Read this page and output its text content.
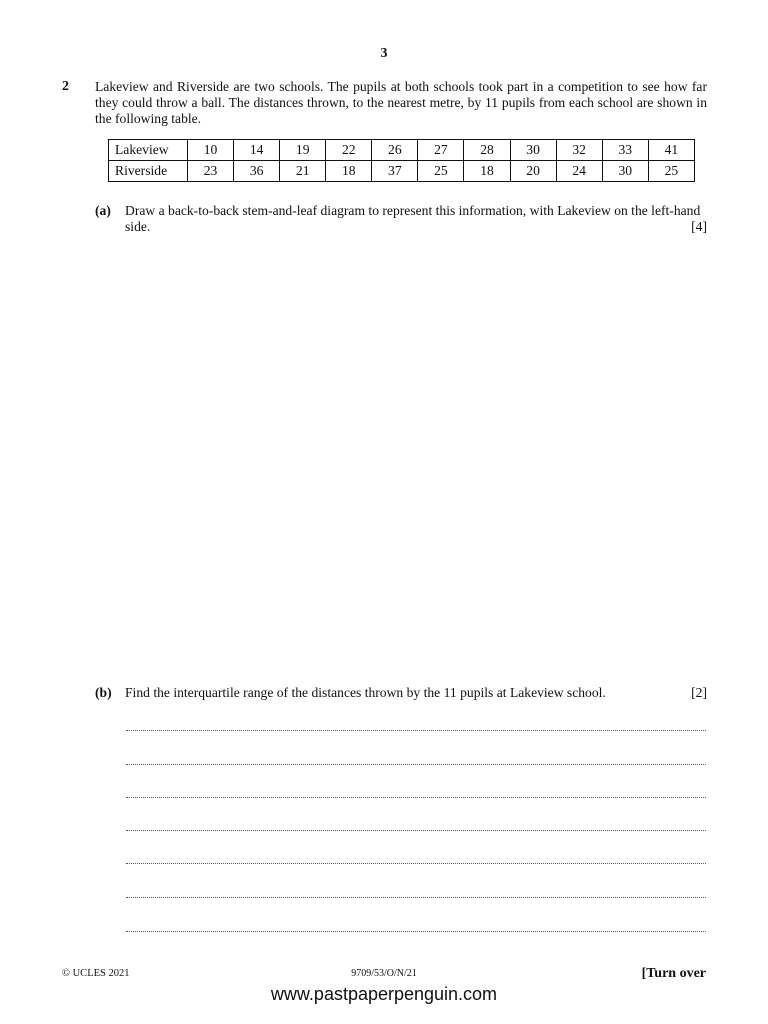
3
2 Lakeview and Riverside are two schools. The pupils at both schools took part in a competition to see how far they could throw a ball. The distances thrown, to the nearest metre, by 11 pupils from each school are shown in the following table.
Lakeview	10	14	19	22	26	27	28	30	32	33	41
Riverside	23	36	21	18	37	25	18	20	24	30	25
(a) Draw a back-to-back stem-and-leaf diagram to represent this information, with Lakeview on the left-hand side.	[4]
(b) Find the interquartile range of the distances thrown by the 11 pupils at Lakeview school.	[2]
© UCLES 2021	9709/53/O/N/21	[Turn over
www.pastpaperpenguin.com
